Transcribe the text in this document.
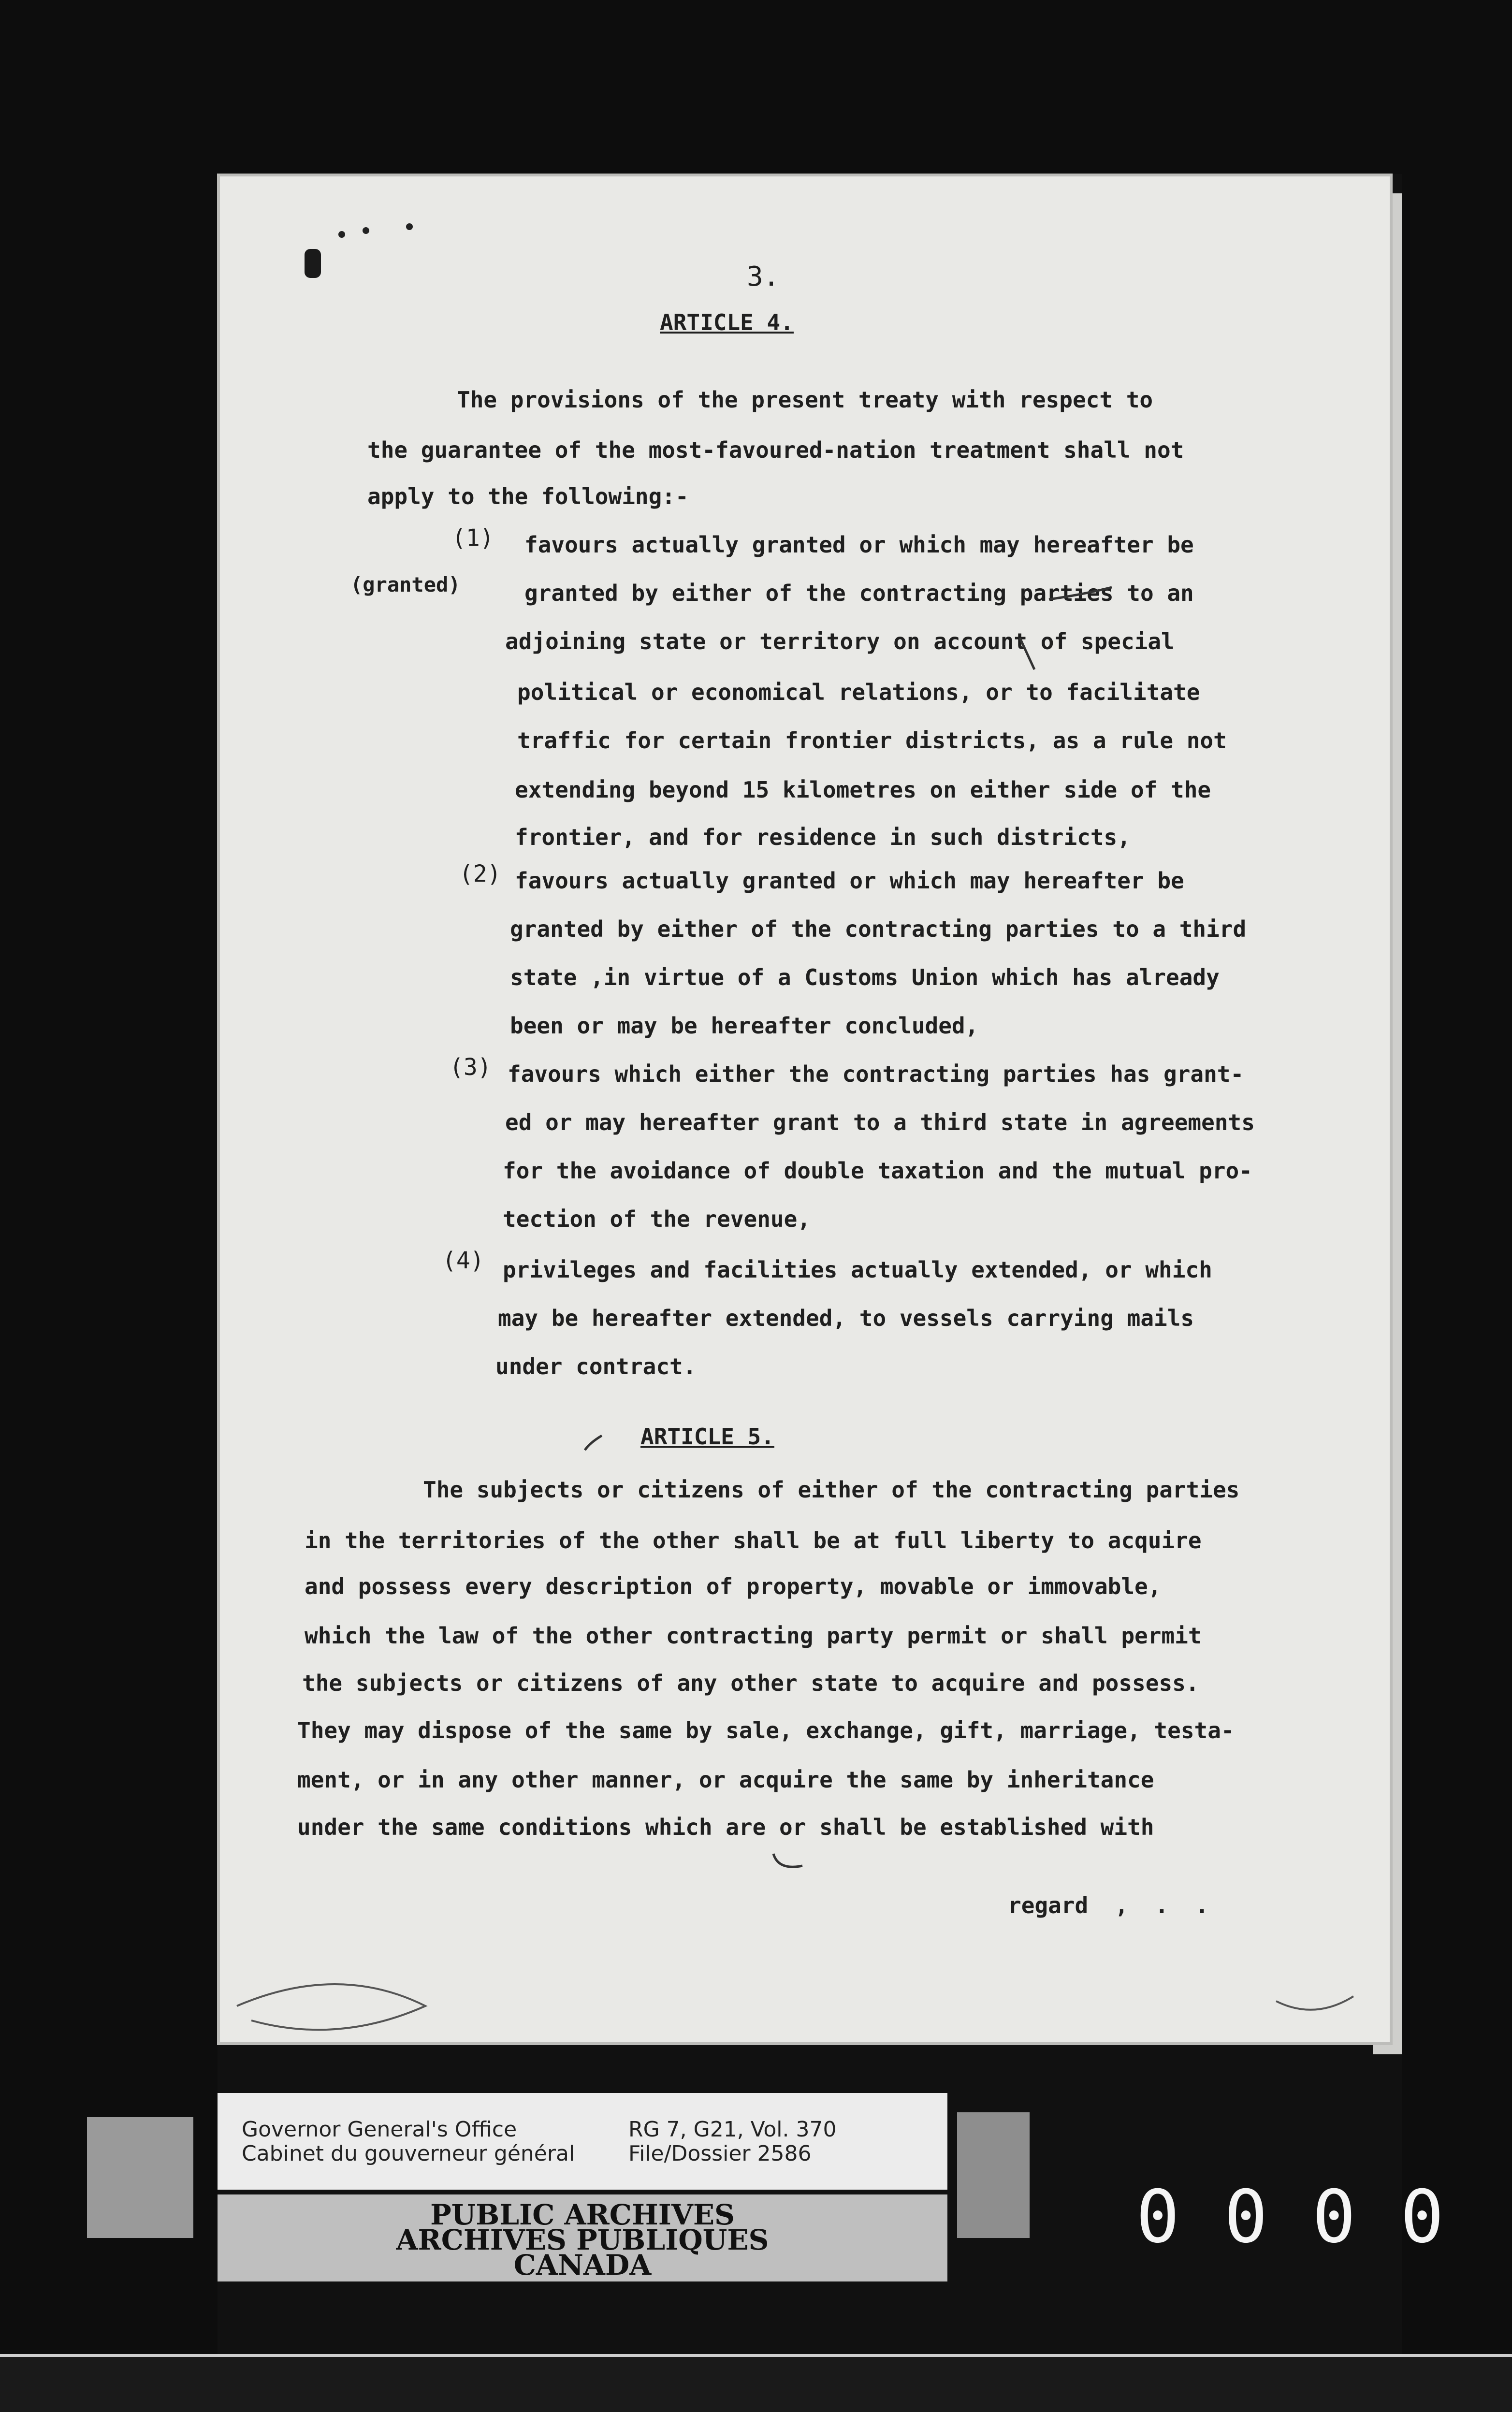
3.
ARTICLE 4.
The provisions of the present treaty with respect to
the guarantee of the most-favoured-nation treatment shall not
apply to the following:-
(1)
(granted)
favours actually granted or which may hereafter be
granted by either of the contracting parties to an
adjoining state or territory on account of special
political or economical relations, or to facilitate
traffic for certain frontier districts, as a rule not
extending beyond 15 kilometres on either side of the
frontier, and for residence in such districts,
(2) favours actually granted or which may hereafter be
granted by either of the contracting parties to a third
state ,in virtue of a Customs Union which has already
been or may be hereafter concluded,
(3) favours which either the contracting parties has grant-
ed or may hereafter grant to a third state in agreements
for the avoidance of double taxation and the mutual pro-
tection of the revenue,
(4) privileges and facilities actually extended, or which
may be hereafter extended, to vessels carrying mails
under contract.
ARTICLE 5.
The subjects or citizens of either of the contracting parties
in the territories of the other shall be at full liberty to acquire
and possess every description of property, movable or immovable,
which the law of the other contracting party permit or shall permit
the subjects or citizens of any other state to acquire and possess.
They may dispose of the same by sale, exchange, gift, marriage, testa-
ment, or in any other manner, or acquire the same by inheritance
under the same conditions which are or shall be established with
regard  ,  .  .
Governor General's Office
Cabinet du gouverneur général
RG 7, G21, Vol. 370
File/Dossier 2586
PUBLIC ARCHIVES
ARCHIVES PUBLIQUES
CANADA
0000
